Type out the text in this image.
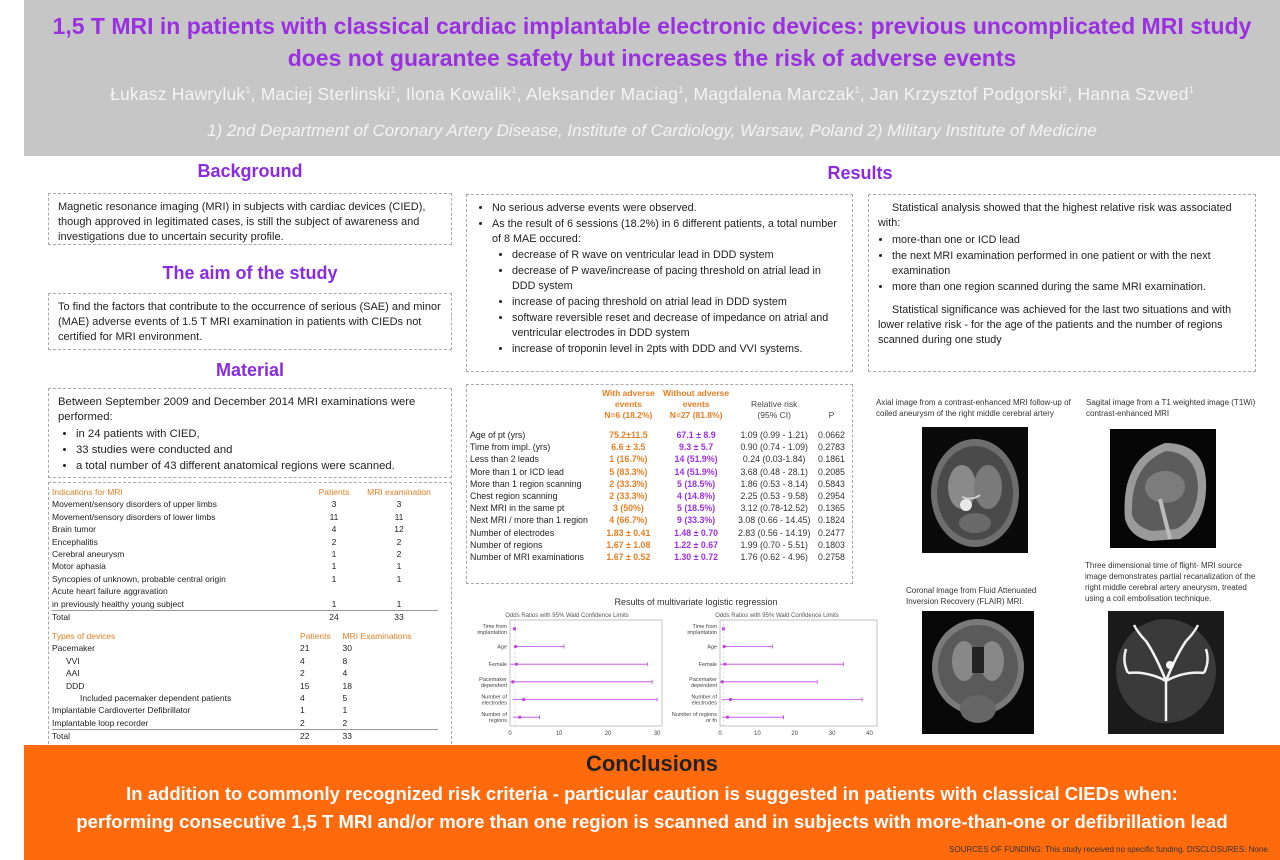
1,5 T MRI in patients with classical cardiac implantable electronic devices: previous uncomplicated MRI study
does not guarantee safety but increases the risk of adverse events
Łukasz Hawryluk$^1$, Maciej Sterlinski$^1$, Ilona Kowalik$^1$, Aleksander Maciag$^1$, Magdalena Marczak$^1$, Jan Krzysztof Podgorski$^2$, Hanna Szwed$^1$
1) 2nd Department of Coronary Artery Disease, Institute of Cardiology, Warsaw, Poland 2) Military Institute of Medicine
Background
Magnetic resonance imaging (MRI) in subjects with cardiac devices (CIED), though approved in legitimated cases, is still the subject of awareness and investigations due to uncertain security profile.
The aim of the study
To find the factors that contribute to the occurrence of serious (SAE) and minor (MAE) adverse events of 1.5 T MRI examination in patients with CIEDs not certified for MRI environment.
Material
Between September 2009 and December 2014 MRI examinations were performed:
• in 24 patients with CIED,
• 33 studies were conducted and
• a total number of 43 different anatomical regions were scanned.
Indications for MRI	Patients	MRI examination
Movement/sensory disorders of upper limbs	3	3
Movement/sensory disorders of lower limbs	11	11
Brain tumor	4	12
Encephalitis	2	2
Cerebral aneurysm	1	2
Motor aphasia	1	1
Syncopies of unknown, probable central origin	1	1
Acute heart failure aggravation		
in previously healthy young subject	1	1
Total	24	33
Types of devices	Patients	MRI Examinations
Pacemaker	21	30
VVI	4	8
AAI	2	4
DDD	15	18
Included pacemaker dependent patients	4	5
Implantable Cardioverter Defibrillator	1	1
Implantable loop recorder	2	2
Total	22	33
Results
• No serious adverse events were observed.
• As the result of 6 sessions (18.2%) in 6 different patients, a total number of 8 MAE occured:
• decrease of R wave on ventricular lead in DDD system
• decrease of P wave/increase of pacing threshold on atrial lead in DDD system
• increase of pacing threshold on atrial lead in DDD system
• software reversible reset and decrease of impedance on atrial and ventricular electrodes in DDD system
• increase of troponin level in 2pts with DDD and VVI systems.
Statistical analysis showed that the highest relative risk was associated with:
• more-than one or ICD lead
• the next MRI examination performed in one patient or with the next examination
• more than one region scanned during the same MRI examination.
Statistical significance was achieved for the last two situations and with lower relative risk - for the age of the patients and the number of regions scanned during one study
	With adverse
events
N=6 (18.2%)	Without adverse
events
N=27 (81.8%)	Relative risk
(95% CI)	P

Age of pt (yrs)	75.2±11.5	67.1 ± 8.9	1.09 (0.99 - 1.21)	0.0662
Time from impl. (yrs)	6.6 ± 3.5	9.3 ± 5.7	0.90 (0.74 - 1.09)	0.2783
Less than 2 leads	1 (16.7%)	14 (51.9%)	0.24 (0.03-1.84)	0.1861
More than 1 or ICD lead	5 (83.3%)	14 (51.9%)	3.68 (0.48 - 28.1)	0.2085
More than 1 region scanning	2 (33.3%)	5 (18.5%)	1.86 (0.53 - 8.14)	0.5843
Chest region scanning	2 (33.3%)	4 (14.8%)	2.25 (0.53 - 9.58)	0.2954
Next MRI in the same pt	3 (50%)	5 (18.5%)	3.12 (0.78-12.52)	0.1365
Next MRI / more than 1 region	4 (66.7%)	9 (33.3%)	3.08 (0.66 - 14.45)	0.1824
Number of electrodes	1.83 ± 0.41	1.48 ± 0.70	2.83 (0.56 - 14.19)	0.2477
Number of regions	1.67 ± 1.08	1.22 ± 0.67	1.99 (0.70 - 5.51)	0.1803
Number of MRI examinations	1.67 ± 0.52	1.30 ± 0.72	1.76 (0.62 - 4.96)	0.2758
Results of multivariate logistic regression
Odds Ratios with 95% Wald Confidence Limits
0	10	20	30
Time from
implantation
Age
Female
Pacemaker
dependent
Number of
electrodes
Number of
regions
Odds Ratios with 95% Wald Confidence Limits
0	10	20	30	40
Time from
implantation
Age
Female
Pacemaker
dependent
Number of
electrodes
Number of regions
or fn
Axial image from a contrast-enhanced MRI follow-up of coiled aneurysm of the right middle cerebral artery
Sagital image from a T1 weighted image (T1Wi) contrast-enhanced MRI
Coronal image from Fluid Attenuated Inversion Recovery (FLAIR) MRI.
Three dimensional time of flight- MRI source image demonstrates partial recanalization of the right middle cerebral artery aneurysm, treated using a coil embolisation technique.
Conclusions
In addition to commonly recognized risk criteria - particular caution is suggested in patients with classical CIEDs when:
performing consecutive 1,5 T MRI and/or more than one region is scanned and in subjects with more-than-one or defibrillation lead
SOURCES OF FUNDING: This study received no specific funding. DISCLOSURES: None.
